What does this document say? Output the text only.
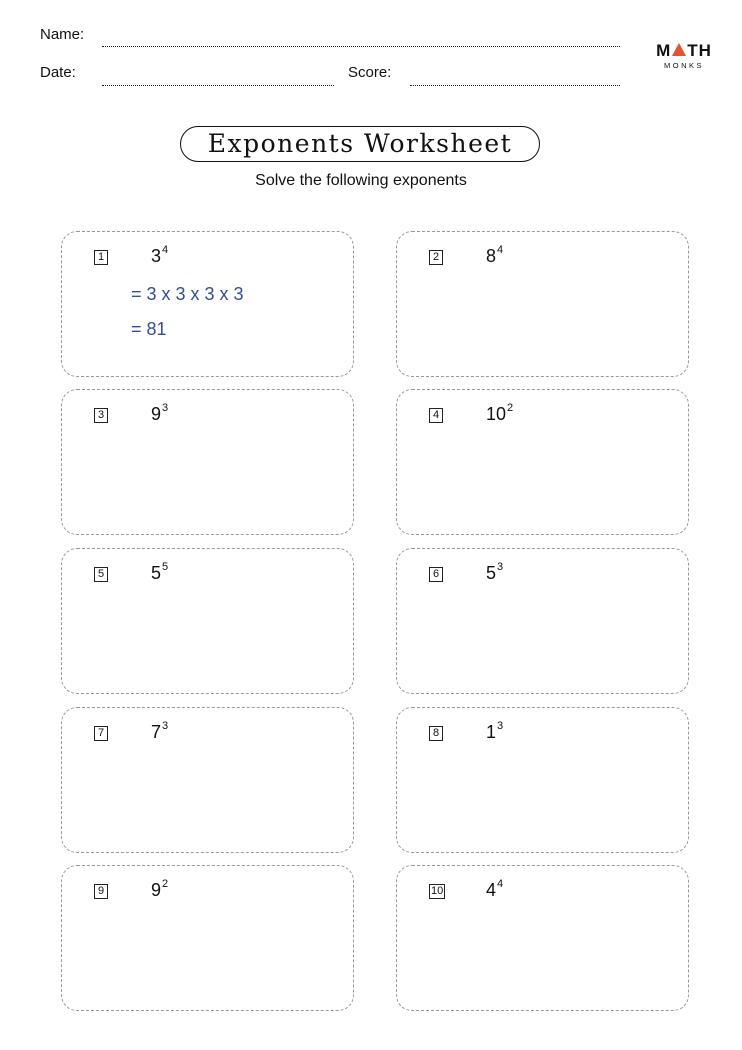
Name:
Date:	Score:
M TH
MONKS
Exponents Worksheet
Solve the following exponents
1	$3^4$
= 3 x 3 x 3 x 3
= 81
2	$8^4$
3	$9^3$
4	$10^2$
5	$5^5$
6	$5^3$
7	$7^3$
8	$1^3$
9	$9^2$
10 $4^4$
